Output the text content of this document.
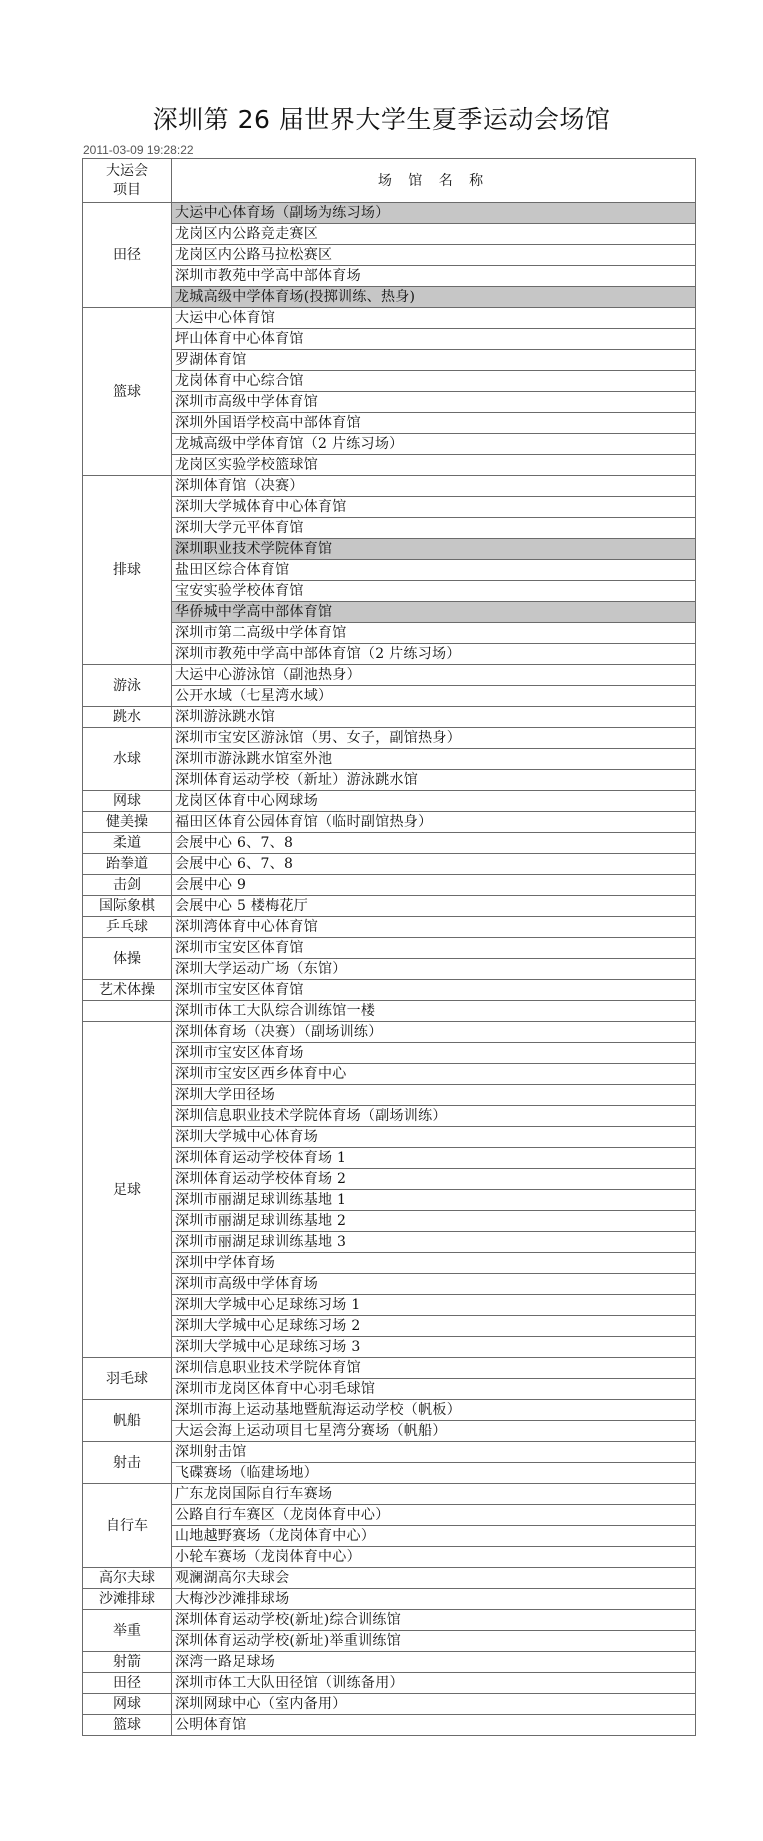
深圳第 26 届世界大学生夏季运动会场馆
2011-03-09 19:28:22
大运会
项目	场 馆 名 称
田径	大运中心体育场（副场为练习场）
	龙岗区内公路竞走赛区
	龙岗区内公路马拉松赛区
	深圳市教苑中学高中部体育场
	龙城高级中学体育场(投掷训练、热身)
篮球	大运中心体育馆
	坪山体育中心体育馆
	罗湖体育馆
	龙岗体育中心综合馆
	深圳市高级中学体育馆
	深圳外国语学校高中部体育馆
	龙城高级中学体育馆（2 片练习场）
	龙岗区实验学校篮球馆
排球	深圳体育馆（决赛）
	深圳大学城体育中心体育馆
	深圳大学元平体育馆
	深圳职业技术学院体育馆
	盐田区综合体育馆
	宝安实验学校体育馆
	华侨城中学高中部体育馆
	深圳市第二高级中学体育馆
	深圳市教苑中学高中部体育馆（2 片练习场）
游泳	大运中心游泳馆（副池热身）
	公开水域（七星湾水域）
跳水	深圳游泳跳水馆
水球	深圳市宝安区游泳馆（男、女子，副馆热身）
	深圳市游泳跳水馆室外池
	深圳体育运动学校（新址）游泳跳水馆
网球	龙岗区体育中心网球场
健美操	福田区体育公园体育馆（临时副馆热身）
柔道	会展中心 6、7、8
跆拳道	会展中心 6、7、8
击剑	会展中心 9
国际象棋	会展中心 5 楼梅花厅
乒乓球	深圳湾体育中心体育馆
体操	深圳市宝安区体育馆
	深圳大学运动广场（东馆）
艺术体操	深圳市宝安区体育馆
	深圳市体工大队综合训练馆一楼
足球	深圳体育场（决赛）（副场训练）
	深圳市宝安区体育场
	深圳市宝安区西乡体育中心
	深圳大学田径场
	深圳信息职业技术学院体育场（副场训练）
	深圳大学城中心体育场
	深圳体育运动学校体育场 1
	深圳体育运动学校体育场 2
	深圳市丽湖足球训练基地 1
	深圳市丽湖足球训练基地 2
	深圳市丽湖足球训练基地 3
	深圳中学体育场
	深圳市高级中学体育场
	深圳大学城中心足球练习场 1
	深圳大学城中心足球练习场 2
	深圳大学城中心足球练习场 3
羽毛球	深圳信息职业技术学院体育馆
	深圳市龙岗区体育中心羽毛球馆
帆船	深圳市海上运动基地暨航海运动学校（帆板）
	大运会海上运动项目七星湾分赛场（帆船）
射击	深圳射击馆
	飞碟赛场（临建场地）
自行车	广东龙岗国际自行车赛场
	公路自行车赛区（龙岗体育中心）
	山地越野赛场（龙岗体育中心）
	小轮车赛场（龙岗体育中心）
高尔夫球	观澜湖高尔夫球会
沙滩排球	大梅沙沙滩排球场
举重	深圳体育运动学校(新址)综合训练馆
	深圳体育运动学校(新址)举重训练馆
射箭	深湾一路足球场
田径	深圳市体工大队田径馆（训练备用）
网球	深圳网球中心（室内备用）
篮球	公明体育馆
